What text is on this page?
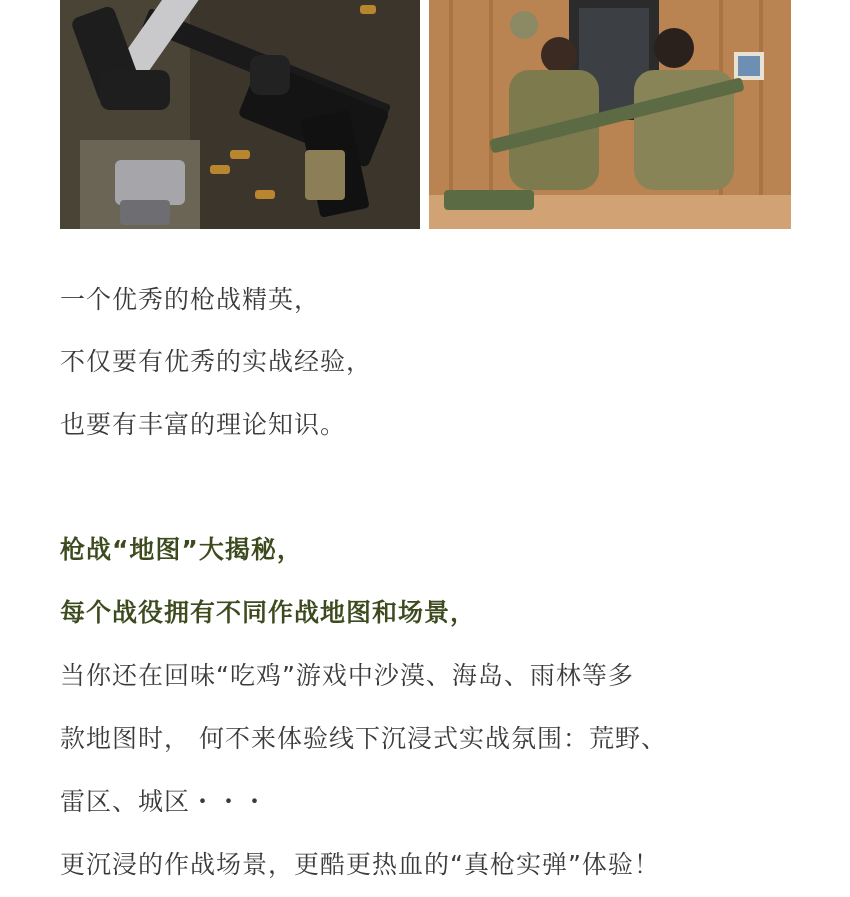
一个优秀的枪战精英，
不仅要有优秀的实战经验，
也要有丰富的理论知识。
枪战“地图”大揭秘，
每个战役拥有不同作战地图和场景，
当你还在回味“吃鸡”游戏中沙漠、海岛、雨林等多
款地图时， 何不来体验线下沉浸式实战氛围：荒野、
雷区、城区・・・
更沉浸的作战场景，更酷更热血的“真枪实弹”体验！
